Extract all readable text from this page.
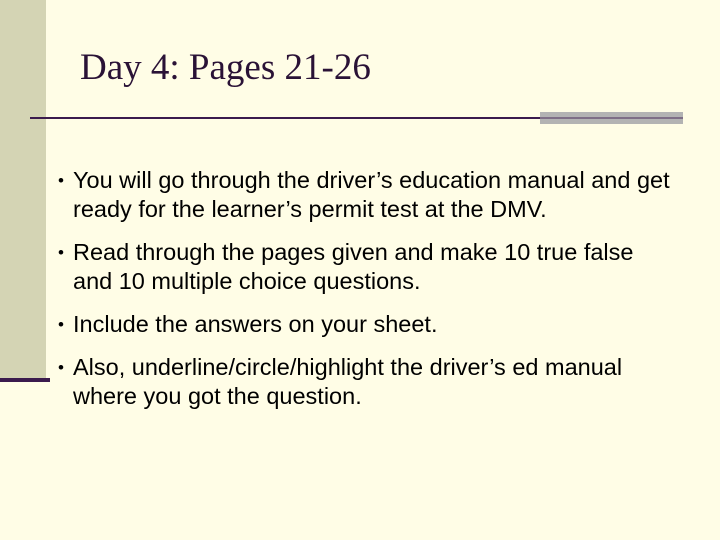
Day 4: Pages 21-26
• You will go through the driver’s education manual and get ready for the learner’s permit test at the DMV.
• Read through the pages given and make 10 true false and 10 multiple choice questions.
• Include the answers on your sheet.
• Also, underline/circle/highlight the driver’s ed manual where you got the question.
